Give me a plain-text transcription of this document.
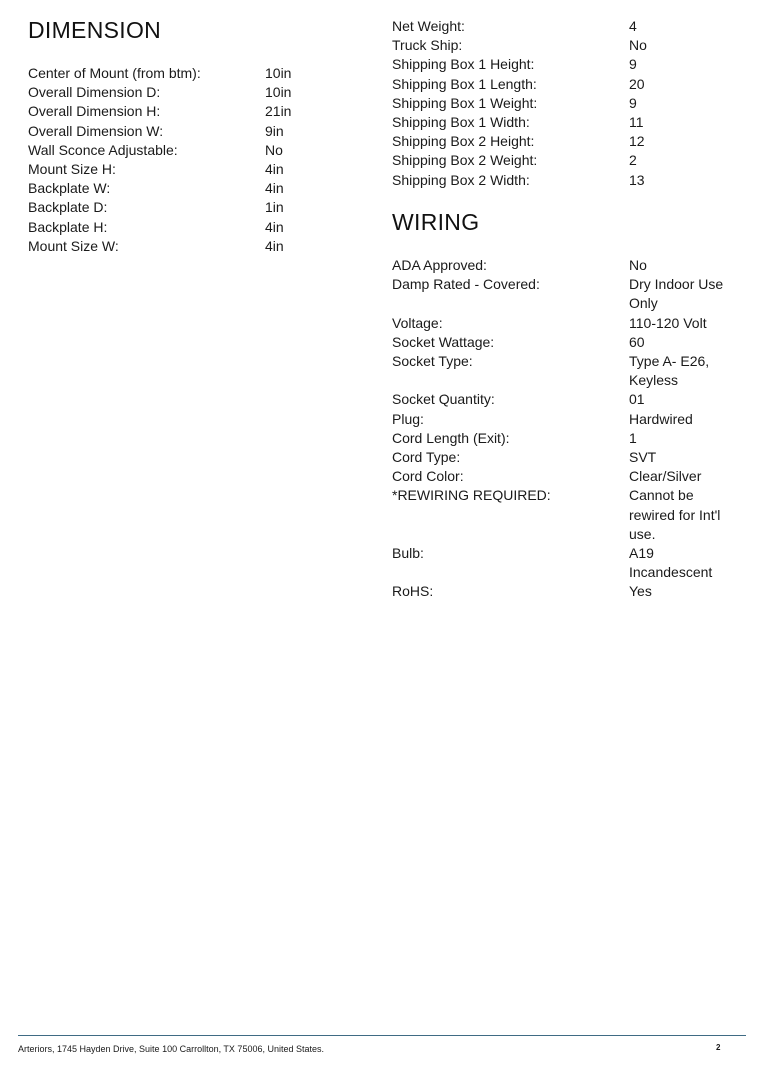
DIMENSION
Center of Mount (from btm):	10in
Overall Dimension D:	10in
Overall Dimension H:	21in
Overall Dimension W:	9in
Wall Sconce Adjustable:	No
Mount Size H:	4in
Backplate W:	4in
Backplate D:	1in
Backplate H:	4in
Mount Size W:	4in
Net Weight:	4
Truck Ship:	No
Shipping Box 1 Height:	9
Shipping Box 1 Length:	20
Shipping Box 1 Weight:	9
Shipping Box 1 Width:	11
Shipping Box 2 Height:	12
Shipping Box 2 Weight:	2
Shipping Box 2 Width:	13
WIRING
ADA Approved:	No
Damp Rated - Covered:	Dry Indoor Use Only
Voltage:	110-120 Volt
Socket Wattage:	60
Socket Type:	Type A- E26, Keyless
Socket Quantity:	01
Plug:	Hardwired
Cord Length (Exit):	1
Cord Type:	SVT
Cord Color:	Clear/Silver
*REWIRING REQUIRED:	Cannot be rewired for Int'l use.
Bulb:	A19 Incandescent
RoHS:	Yes
Arteriors, 1745 Hayden Drive, Suite 100 Carrollton, TX 75006, United States.	2
